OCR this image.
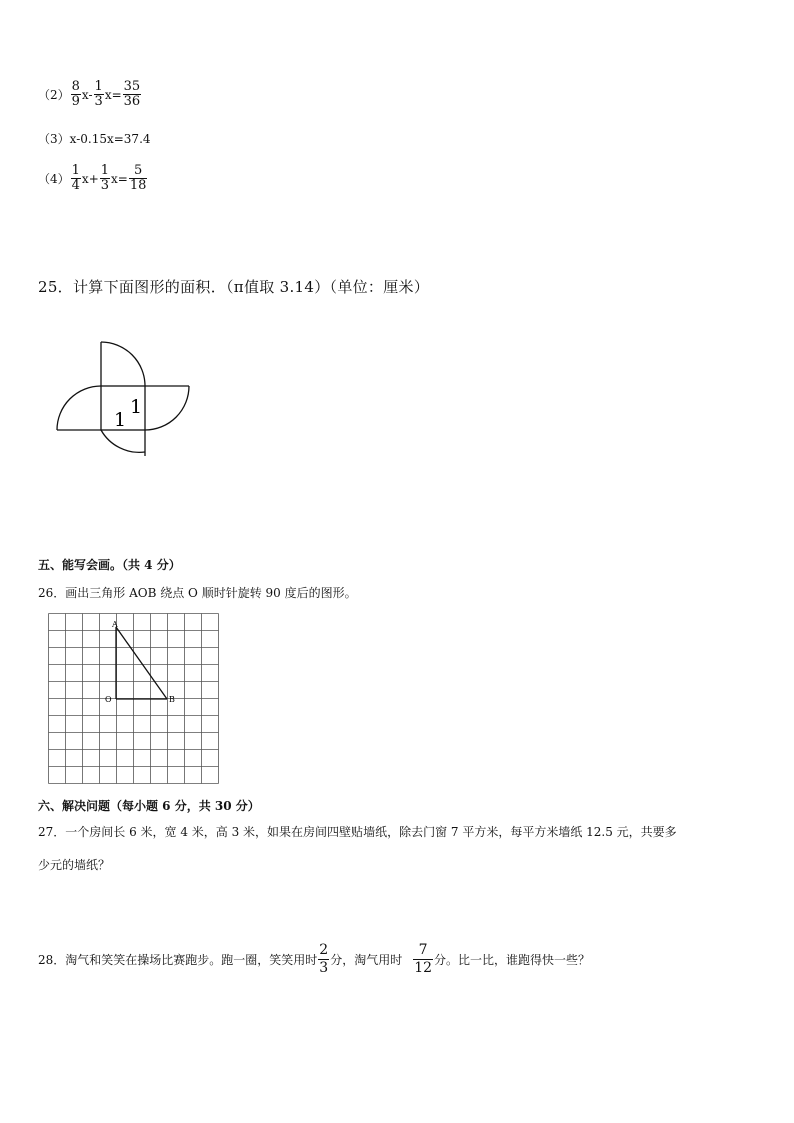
$(2) \frac{8}{9} x- \frac{1}{3} x= \frac{35}{36}$
（3） x-0.15x=37.4
$(4) \frac{1}{4} x+ \frac{1}{3} x= \frac{5}{18}$
25．计算下面图形的面积．（π值取 3.14）（单位：厘米）
1
1
五、能写会画。（共 4 分）
26．画出三角形 AOB 绕点 O 顺时针旋转 90 度后的图形。
A
O	B
六、解决问题（每小题 6 分，共 30 分）
27．一个房间长 6 米，宽 4 米，高 3 米，如果在房间四壁贴墙纸，除去门窗 7 平方米，每平方米墙纸 12.5 元，共要多
少元的墙纸？
28．淘气和笑笑在操场比赛跑步。跑一圈，笑笑用时 $\frac{2}{3}$ 分，淘气用时 $\frac{7}{12}$ 分。比一比，谁跑得快一些？
